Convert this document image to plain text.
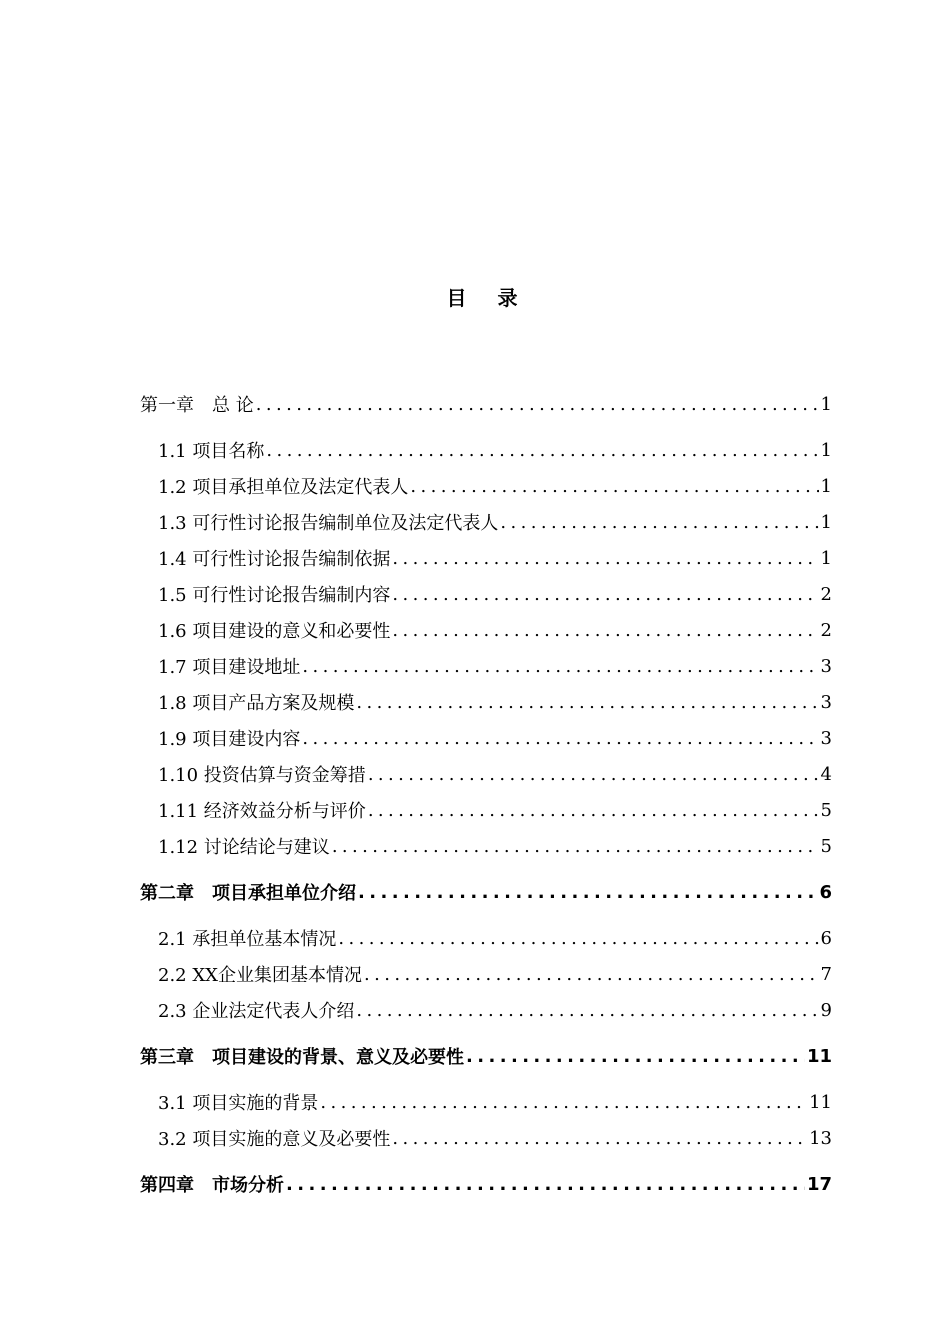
目 录
第一章　总 论 .....	1
1.1 项目名称 .....	1
1.2 项目承担单位及法定代表人 .....	1
1.3 可行性讨论报告编制单位及法定代表人 .....	1
1.4 可行性讨论报告编制依据 .....	1
1.5 可行性讨论报告编制内容 .....	2
1.6 项目建设的意义和必要性 .....	2
1.7 项目建设地址 .....	3
1.8 项目产品方案及规模 .....	3
1.9 项目建设内容 .....	3
1.10 投资估算与资金筹措 .....	4
1.11 经济效益分析与评价 .....	5
1.12 讨论结论与建议 .....	5
第二章　项目承担单位介绍 .....	6
2.1 承担单位基本情况 .....	6
2.2 XX企业集团基本情况 .....	7
2.3 企业法定代表人介绍 .....	9
第三章　项目建设的背景、意义及必要性 .....	11
3.1 项目实施的背景 .....	11
3.2 项目实施的意义及必要性 .....	13
第四章　市场分析 .....	17
